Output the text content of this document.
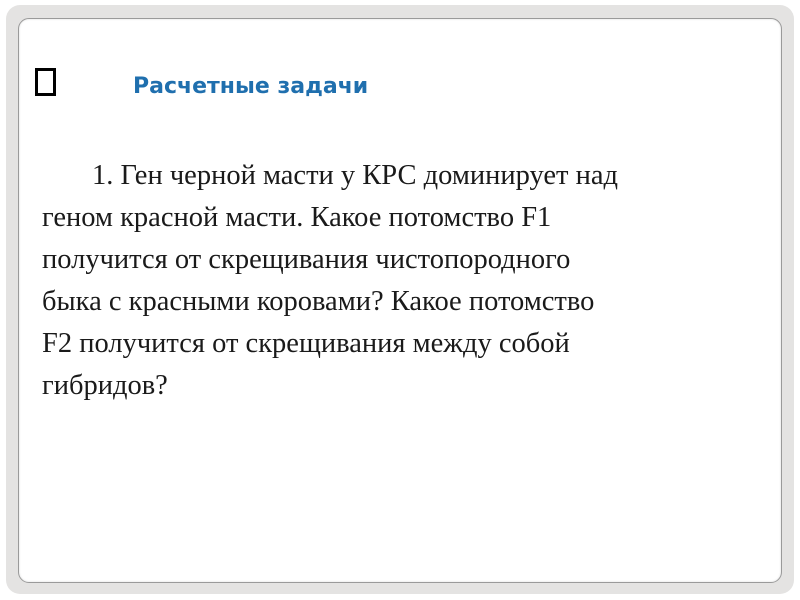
Расчетные задачи

1. Ген черной масти у КРС доминирует над
геном красной масти. Какое потомство F1
получится от скрещивания чистопородного
быка с красными коровами? Какое потомство
F2 получится от скрещивания между собой
гибридов?
